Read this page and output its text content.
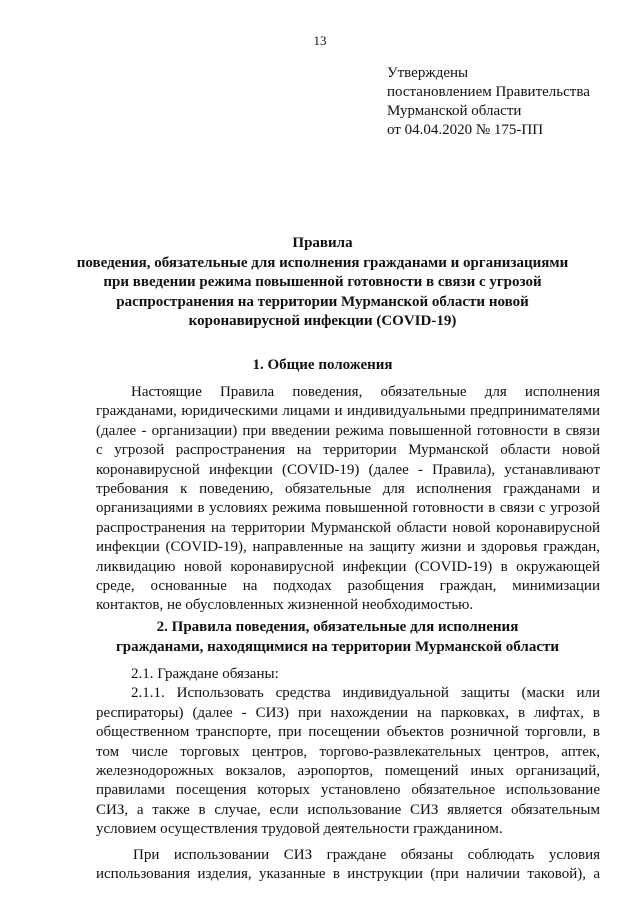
13
Утверждены
постановлением Правительства
Мурманской области
от 04.04.2020 № 175-ПП
Правила
поведения, обязательные для исполнения гражданами и организациями
при введении режима повышенной готовности в связи с угрозой
распространения на территории Мурманской области новой
коронавирусной инфекции (COVID-19)
1. Общие положения
Настоящие Правила поведения, обязательные для исполнения
гражданами, юридическими лицами и индивидуальными предпринимателями
(далее - организации) при введении режима повышенной готовности в связи
с угрозой распространения на территории Мурманской области новой
коронавирусной инфекции (COVID-19) (далее - Правила), устанавливают
требования к поведению, обязательные для исполнения гражданами и
организациями в условиях режима повышенной готовности в связи с угрозой
распространения на территории Мурманской области новой коронавирусной
инфекции (COVID-19), направленные на защиту жизни и здоровья граждан,
ликвидацию новой коронавирусной инфекции (COVID-19) в окружающей
среде, основанные на подходах разобщения граждан, минимизации
контактов, не обусловленных жизненной необходимостью.
2. Правила поведения, обязательные для исполнения
гражданами, находящимися на территории Мурманской области
2.1. Граждане обязаны:
2.1.1. Использовать средства индивидуальной защиты (маски или
респираторы) (далее - СИЗ) при нахождении на парковках, в лифтах, в
общественном транспорте, при посещении объектов розничной торговли, в
том числе торговых центров, торгово-развлекательных центров, аптек,
железнодорожных вокзалов, аэропортов, помещений иных организаций,
правилами посещения которых установлено обязательное использование
СИЗ, а также в случае, если использование СИЗ является обязательным
условием осуществления трудовой деятельности гражданином.
При использовании СИЗ граждане обязаны соблюдать условия
использования изделия, указанные в инструкции (при наличии таковой), а
